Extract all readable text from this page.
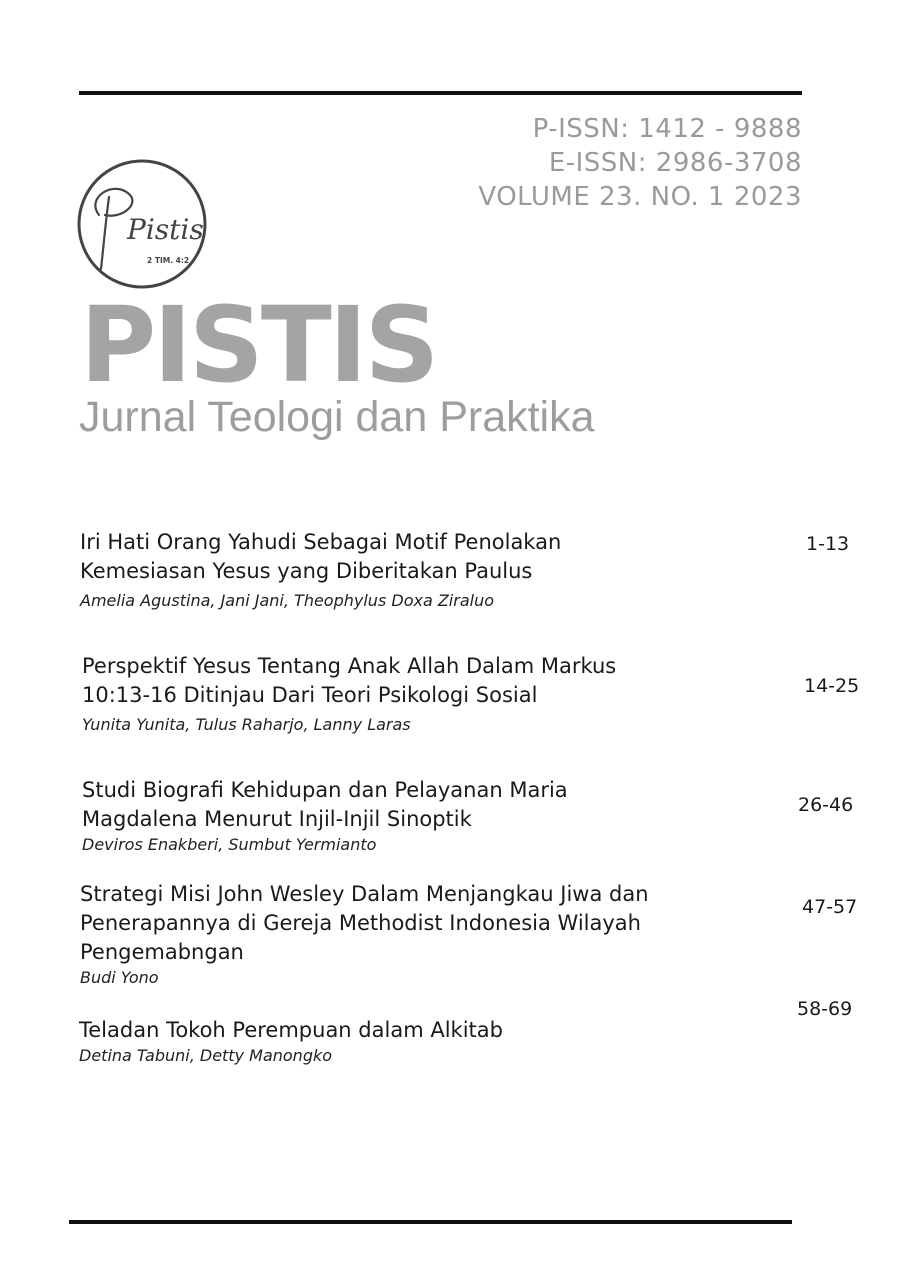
P-ISSN: 1412 - 9888
E-ISSN: 2986-3708
VOLUME 23. NO. 1 2023
Pistis
2 TIM. 4:2
PISTIS
Jurnal Teologi dan Praktika

Iri Hati Orang Yahudi Sebagai Motif Penolakan

Kemesiasan Yesus yang Diberitakan Paulus

Amelia Agustina, Jani Jani, Theophylus Doxa Ziraluo
1-13

Perspektif Yesus Tentang Anak Allah Dalam Markus

10:13-16 Ditinjau Dari Teori Psikologi Sosial

Yunita Yunita, Tulus Raharjo, Lanny Laras
14-25

Studi Biografi Kehidupan dan Pelayanan Maria

Magdalena Menurut Injil-Injil Sinoptik

Deviros Enakberi, Sumbut Yermianto
26-46

Strategi Misi John Wesley Dalam Menjangkau Jiwa dan

Penerapannya di Gereja Methodist Indonesia Wilayah

Pengemabngan

Budi Yono
47-57

Teladan Tokoh Perempuan dalam Alkitab

Detina Tabuni, Detty Manongko
58-69
